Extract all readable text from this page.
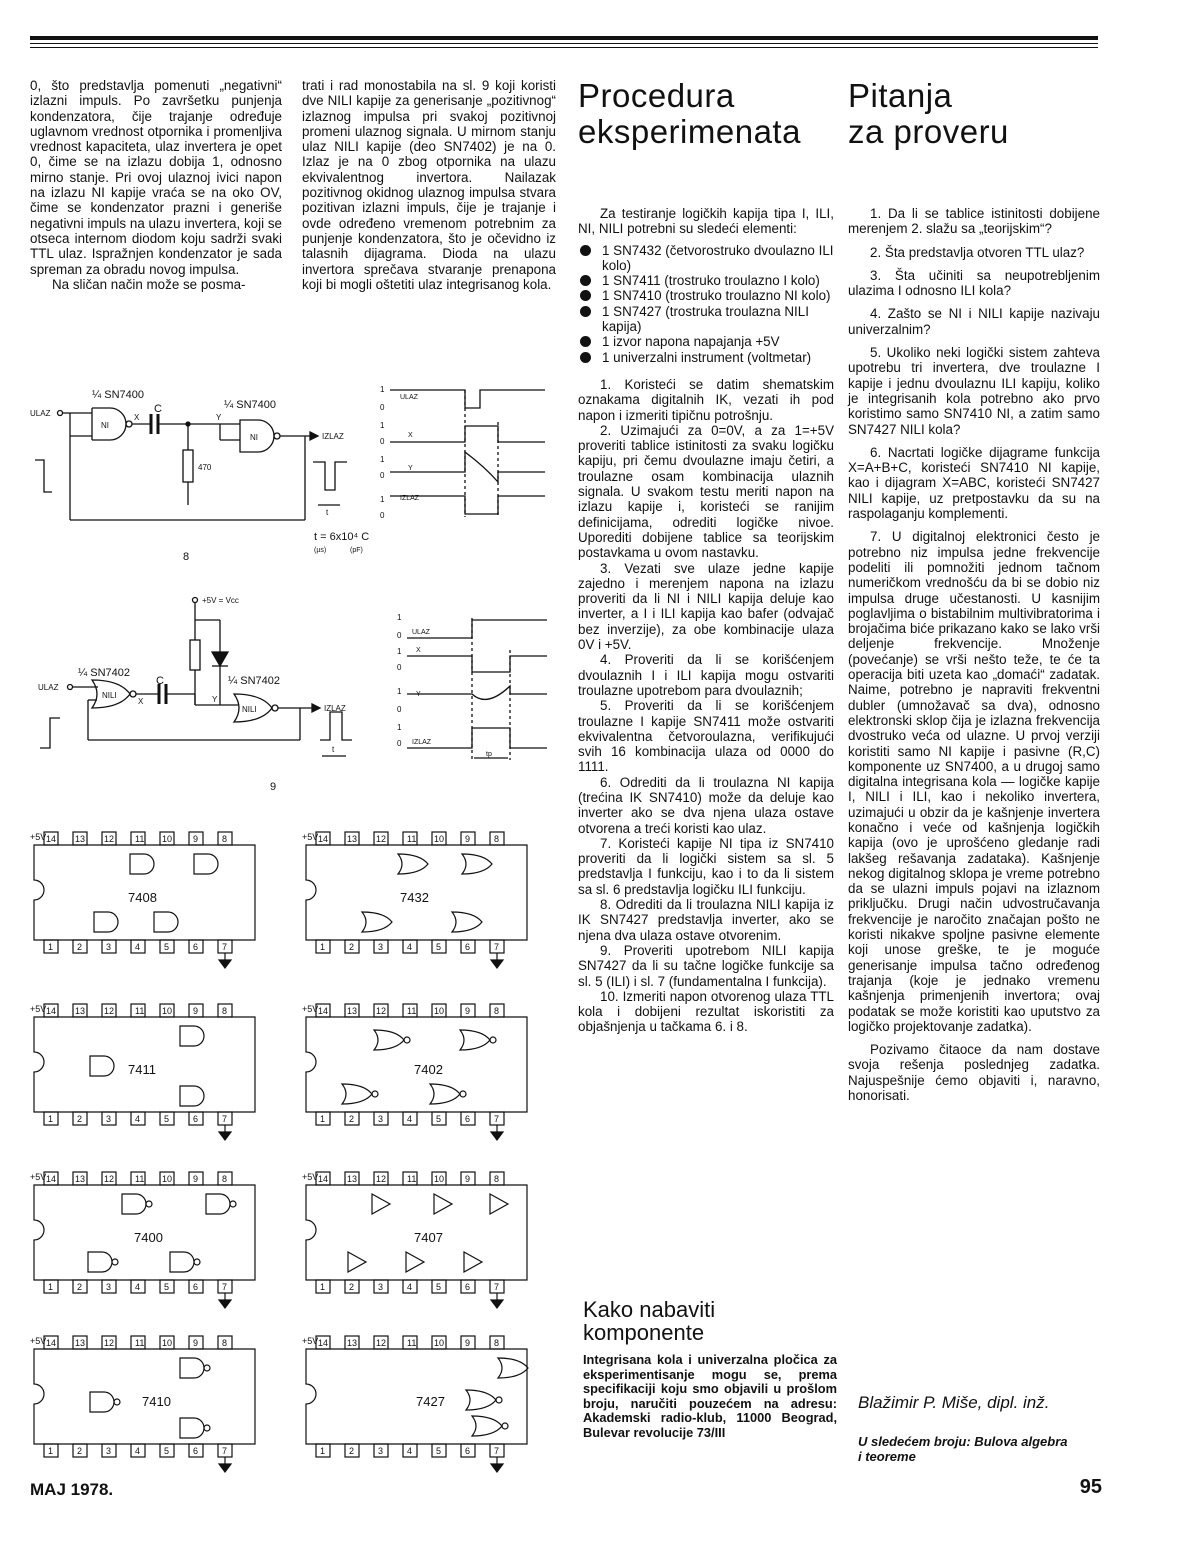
0, što predstavlja pomenuti „negativni“ izlazni impuls. Po završetku punjenja kondenzatora, čije trajanje određuje uglavnom vrednost otpornika i promenljiva vrednost kapaciteta, ulaz invertera je opet 0, čime se na izlazu dobija 1, odnosno mirno stanje. Pri ovoj ulaznoj ivici napon na izlazu NI kapije vraća se na oko OV, čime se kondenzator prazni i generiše negativni impuls na ulazu invertera, koji se otseca internom diodom koju sadrži svaki TTL ulaz. Ispražnjen kondenzator je sada spreman za obradu novog impulsa.

Na sličan način može se posma-

trati i rad monostabila na sl. 9 koji koristi dve NILI kapije za generisanje „pozitivnog“ izlaznog impulsa pri svakoj pozitivnoj promeni ulaznog signala. U mirnom stanju ulaz NILI kapije (deo SN7402) je na 0. Izlaz je na 0 zbog otpornika na ulazu ekvivalentnog invertora. Nailazak pozitivnog okidnog ulaznog impulsa stvara pozitivan izlazni impuls, čije je trajanje i ovde određeno vremenom potrebnim za punjenje kondenzatora, što je očevidno iz talasnih dijagrama. Dioda na ulazu invertora sprečava stvaranje prenapona koji bi mogli oštetiti ulaz integrisanog kola.

Procedura
eksperimenata

Za testiranje logičkih kapija tipa I, ILI, NI, NILI potrebni su sledeći elementi:

1 SN7432 (četvorostruko dvoulazno ILI kolo)
1 SN7411 (trostruko troulazno I kolo)
1 SN7410 (trostruko troulazno NI kolo)
1 SN7427 (trostruka troulazna NILI kapija)
1 izvor napona napajanja +5V
1 univerzalni instrument (voltmetar)
1. Koristeći se datim shematskim oznakama digitalnih IK, vezati ih pod napon i izmeriti tipičnu potrošnju.
2. Uzimajući za 0=0V, a za 1=+5V proveriti tablice istinitosti za svaku logičku kapiju, pri čemu dvoulazne imaju četiri, a troulazne osam kombinacija ulaznih signala. U svakom testu meriti napon na izlazu kapije i, koristeći se ranijim definicijama, odrediti logičke nivoe. Uporediti dobijene tablice sa teorijskim postavkama u ovom nastavku.
3. Vezati sve ulaze jedne kapije zajedno i merenjem napona na izlazu proveriti da li NI i NILI kapija deluje kao inverter, a I i ILI kapija kao bafer (odvajač bez inverzije), za obe kombinacije ulaza 0V i +5V.
4. Proveriti da li se korišćenjem dvoulaznih I i ILI kapija mogu ostvariti troulazne upotrebom para dvoulaznih;
5. Proveriti da li se korišćenjem troulazne I kapije SN7411 može ostvariti ekvivalentna četvoroulazna, verifikujući svih 16 kombinacija ulaza od 0000 do 1111.
6. Odrediti da li troulazna NI kapija (trećina IK SN7410) može da deluje kao inverter ako se dva njena ulaza ostave otvorena a treći koristi kao ulaz.
7. Koristeći kapije NI tipa iz SN7410 proveriti da li logički sistem sa sl. 5 predstavlja I funkciju, kao i to da li sistem sa sl. 6 predstavlja logičku ILI funkciju.
8. Odrediti da li troulazna NILI kapija iz IK SN7427 predstavlja inverter, ako se njena dva ulaza ostave otvorenim.
9. Proveriti upotrebom NILI kapija SN7427 da li su tačne logičke funkcije sa sl. 5 (ILI) i sl. 7 (fundamentalna I funkcija).
10. Izmeriti napon otvorenog ulaza TTL kola i dobijeni rezultat iskoristiti za objašnjenja u tačkama 6. i 8.
Kako nabaviti
komponente
Integrisana kola i univerzalna pločica za eksperimentisanje mogu se, prema specifikaciji koju smo objavili u prošlom broju, naručiti pouzećem na adresu: Akademski radio-klub, 11000 Beograd, Bulevar revolucije 73/III
Pitanja
za proveru
1. Da li se tablice istinitosti dobijene merenjem 2. slažu sa „teorijskim“?
2. Šta predstavlja otvoren TTL ulaz?
3. Šta učiniti sa neupotrebljenim ulazima I odnosno ILI kola?
4. Zašto se NI i NILI kapije nazivaju univerzalnim?
5. Ukoliko neki logički sistem zahteva upotrebu tri invertera, dve troulazne I kapije i jednu dvoulaznu ILI kapiju, koliko je integrisanih kola potrebno ako prvo koristimo samo SN7410 NI, a zatim samo SN7427 NILI kola?
6. Nacrtati logičke dijagrame funkcija X=A+B+C, koristeći SN7410 NI kapije, kao i dijagram X=ABC, koristeći SN7427 NILI kapije, uz pretpostavku da su na raspolaganju komplementi.
7. U digitalnoj elektronici često je potrebno niz impulsa jedne frekvencije podeliti ili pomnožiti jednom tačnom numeričkom vrednošću da bi se dobio niz impulsa druge učestanosti. U kasnijim poglavljima o bistabilnim multivibratorima i brojačima biće prikazano kako se lako vrši deljenje frekvencije. Množenje (povećanje) se vrši nešto teže, te će ta operacija biti uzeta kao „domaći“ zadatak. Naime, potrebno je napraviti frekventni dubler (umnožavač sa dva), odnosno elektronski sklop čija je izlazna frekvencija dvostruko veća od ulazne. U prvoj verziji koristiti samo NI kapije i pasivne (R,C) komponente uz SN7400, a u drugoj samo digitalna integrisana kola — logičke kapije I, NILI i ILI, kao i nekoliko invertera, uzimajući u obzir da je kašnjenje invertera konačno i veće od kašnjenja logičkih kapija (ovo je uprošćeno gledanje radi lakšeg rešavanja zadataka). Kašnjenje nekog digitalnog sklopa je vreme potrebno da se ulazni impuls pojavi na izlaznom priključku. Drugi način udvostručavanja frekvencije je naročito značajan pošto ne koristi nikakve spoljne pasivne elemente koji unose greške, te je moguće generisanje impulsa tačno određenog trajanja (koje je jednako vremenu kašnjenja primenjenih invertora; ovaj podatak se može koristiti kao uputstvo za logičko projektovanje zadatka).

Pozivamo čitaoce da nam dostave svoja rešenja poslednjeg zadatka. Najuspešnije ćemo objaviti i, naravno, honorisati.

Blažimir P. Miše, dipl. inž.
U sledećem broju: Bulova algebra
i teoreme
¼ SN7400
¼ SN7400
ULAZ
NI
X
C
470
Y
NI	IZLAZ
t
t = 6x10⁴ C
(µs)	(pF)
8
1
0
1
0
1
0
1
0
ULAZ
X
Y
IZLAZ
+5V = Vcc
¼ SN7402
¼ SN7402
ULAZ
NILI
X
C
Y
NILI	IZLAZ
t
9
1
0
1
0
1
0
1
0
ULAZ
X
Y
IZLAZ
tp
+5V 14 13 12 11 10 9	8
1	2	3	4	5	6	7
7408
+5V 14 13 12 11 10 9	8
1	2	3	4	5	6	7
7432
+5V 14 13 12 11 10 9	8
1	2	3	4	5	6	7
7411
+5V 14 13 12 11 10 9	8
1	2	3	4	5	6	7
7402
+5V 14 13 12 11 10 9	8
1	2	3	4	5	6	7
7400
+5V 14 13 12 11 10 9	8
1	2	3	4	5	6	7
7407
+5V 14 13 12 11 10 9	8
1	2	3	4	5	6	7
7410
+5V 14 13 12 11 10 9	8
1	2	3	4	5	6	7
7427
MAJ 1978.	95
